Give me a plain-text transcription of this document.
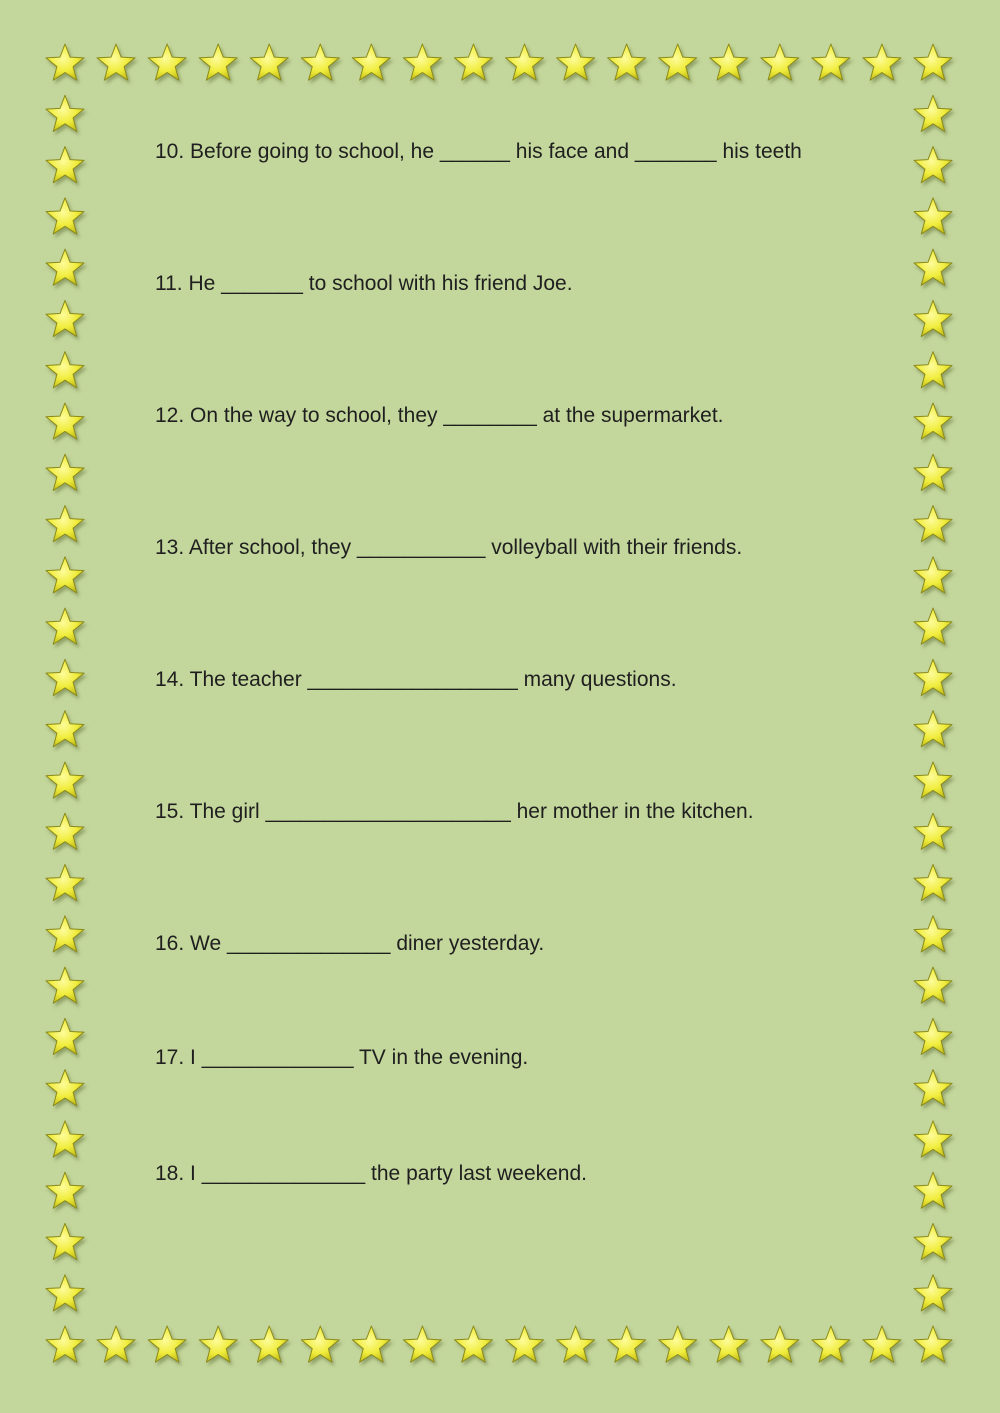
10. Before going to school, he ______ his face and _______ his teeth

11. He _______ to school with his friend Joe.

12. On the way to school, they ________ at the supermarket.

13. After school, they ___________ volleyball with their friends.

14. The teacher __________________ many questions.

15. The girl _____________________ her mother in the kitchen.

16. We ______________ diner yesterday.

17. I _____________ TV in the evening.

18. I ______________ the party last weekend.
